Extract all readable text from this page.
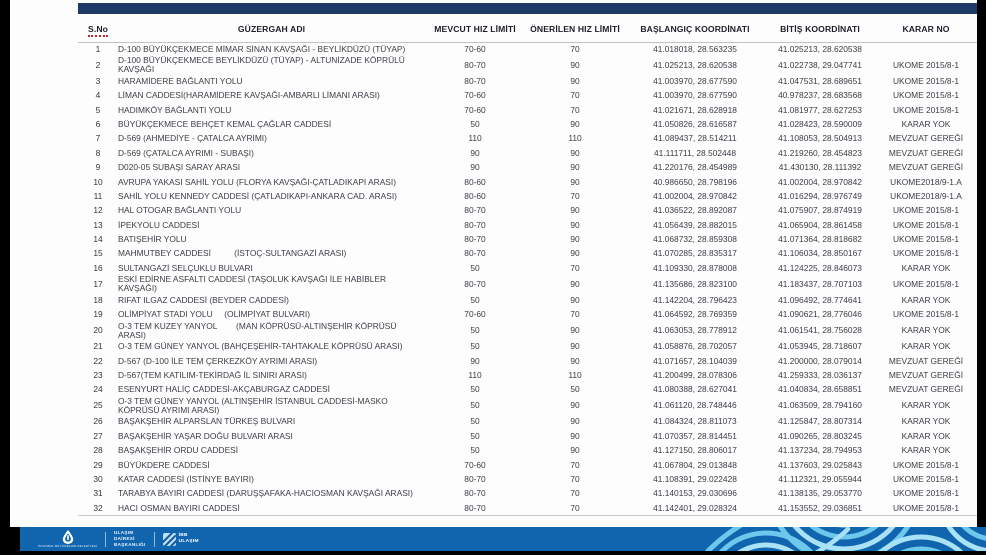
S.No	GÜZERGAH ADI	MEVCUT HIZ LİMİTİ	ÖNERİLEN HIZ LİMİTİ	BAŞLANGIÇ KOORDİNATI	BİTİŞ KOORDİNATI	KARAR NO
1	D-100 BÜYÜKÇEKMECE MİMAR SİNAN KAVŞAĞI - BEYLİKDÜZÜ (TÜYAP)	70-60	70	41.018018, 28.563235	41.025213, 28.620538	
2	D-100 BÜYÜKÇEKMECE BEYLİKDÜZÜ (TÜYAP) - ALTUNİZADE KÖPRÜLÜ KAVŞAĞI	80-70	90	41.025213, 28.620538	41.022738, 29.047741	UKOME 2015/8-1
3	HARAMİDERE BAĞLANTI YOLU	80-70	90	41.003970, 28.677590	41.047531, 28.689651	UKOME 2015/8-1
4	LİMAN CADDESİ(HARAMİDERE KAVŞAĞI-AMBARLI LİMANI ARASI)	70-60	70	41.003970, 28.677590	40.978237, 28.683568	UKOME 2015/8-1
5	HADIMKÖY BAĞLANTI YOLU	70-60	70	41.021671, 28.628918	41.081977, 28.627253	UKOME 2015/8-1
6	BÜYÜKÇEKMECE BEHÇET KEMAL ÇAĞLAR CADDESİ	50	90	41.050826, 28.616587	41.028423, 28.590009	KARAR YOK
7	D-569 (AHMEDİYE - ÇATALCA AYRIMI)	110	110	41.089437, 28.514211	41.108053, 28.504913	MEVZUAT GEREĞİ
8	D-569 (ÇATALCA AYRIMI - SUBAŞI)	90	90	41.111711, 28.502448	41.219260, 28.454823	MEVZUAT GEREĞİ
9	D020-05 SUBAŞI SARAY ARASI	90	90	41.220176, 28.454989	41.430130, 28.111392	MEVZUAT GEREĞİ
10	AVRUPA YAKASI SAHİL YOLU (FLORYA KAVŞAĞI-ÇATLADIKAPI ARASI)	80-60	90	40.986650, 28.798196	41.002004, 28.970842	UKOME2018/9-1.A
11	SAHİL YOLU KENNEDY CADDESİ (ÇATLADIKAPI-ANKARA CAD. ARASI)	80-60	70	41.002004, 28.970842	41.016294, 28.976749	UKOME2018/9-1.A
12	HAL OTOGAR BAĞLANTI YOLU	80-70	90	41.036522, 28.892087	41.075907, 28.874919	UKOME 2015/8-1
13	İPEKYOLU CADDESİ	80-70	90	41.056439, 28.882015	41.065904, 28.861458	UKOME 2015/8-1
14	BATIŞEHİR YOLU	80-70	90	41.068732, 28.859308	41.071364, 28.818682	UKOME 2015/8-1
15	MAHMUTBEY CADDESİ          (İSTOÇ-SULTANGAZİ ARASI)	80-70	90	41.070285, 28.835317	41.106034, 28.850167	UKOME 2015/8-1
16	SULTANGAZİ SELÇUKLU BULVARI	50	70	41.109330, 28.878008	41.124225, 28.846073	KARAR YOK
17	ESKİ EDİRNE ASFALTI CADDESİ (TAŞOLUK KAVŞAĞI İLE HABİBLER KAVŞAĞI)	80-70	90	41.135686, 28.823100	41.183437, 28.707103	UKOME 2015/8-1
18	RIFAT ILGAZ CADDESİ (BEYDER CADDESİ)	50	90	41.142204, 28.796423	41.096492, 28.774641	KARAR YOK
19	OLİMPİYAT STADI YOLU     (OLİMPİYAT BULVARI)	70-60	70	41.064592, 28.769359	41.090621, 28.776046	UKOME 2015/8-1
20	O-3 TEM KUZEY YANYOL        (MAN KÖPRÜSÜ-ALTINŞEHİR KÖPRÜSÜ ARASI)	50	90	41.063053, 28.778912	41.061541, 28.756028	KARAR YOK
21	O-3 TEM GÜNEY YANYOL (BAHÇEŞEHİR-TAHTAKALE KÖPRÜSÜ ARASI)	50	90	41.058876, 28.702057	41.053945, 28.718607	KARAR YOK
22	D-567 (D-100 İLE TEM ÇERKEZKÖY AYRIMI ARASI)	90	90	41.071657, 28.104039	41.200000, 28.079014	MEVZUAT GEREĞİ
23	D-567(TEM KATILIM-TEKİRDAĞ İL SINIRI ARASI)	110	110	41.200499, 28.078306	41.259333, 28.036137	MEVZUAT GEREĞİ
24	ESENYURT HALİÇ CADDESİ-AKÇABURGAZ CADDESİ	50	50	41.080388, 28.627041	41.040834, 28.658851	MEVZUAT GEREĞİ
25	O-3 TEM GÜNEY YANYOL (ALTINŞEHİR İSTANBUL CADDESİ-MASKO KÖPRÜSÜ AYRIMI ARASI)	50	90	41.061120, 28.748446	41.063509, 28.794160	KARAR YOK
26	BAŞAKŞEHİR ALPARSLAN TÜRKEŞ BULVARI	50	90	41.084324, 28.811073	41.125847, 28.807314	KARAR YOK
27	BAŞAKŞEHİR YAŞAR DOĞU BULVARI ARASI	50	90	41.070357, 28.814451	41.090265, 28.803245	KARAR YOK
28	BAŞAKŞEHİR ORDU CADDESİ	50	90	41.127150, 28.806017	41.137234, 28.794953	KARAR YOK
29	BÜYÜKDERE CADDESİ	70-60	70	41.067804, 29.013848	41.137603, 29.025843	UKOME 2015/8-1
30	KATAR CADDESİ (İSTİNYE BAYIRI)	80-70	70	41.108391, 29.022428	41.112321, 29.055944	UKOME 2015/8-1
31	TARABYA BAYIRI CADDESİ (DARUŞŞAFAKA-HACIOSMAN KAVŞAĞI ARASI)	80-70	70	41.140153, 29.030696	41.138135, 29.053770	UKOME 2015/8-1
32	HACI OSMAN BAYIRI CADDESİ	80-70	70	41.142401, 29.028324	41.153552, 29.036851	UKOME 2015/8-1
İSTANBUL BÜYÜKŞEHİR BELEDİYESİ
ULAŞIM
DAİRESİ
BAŞKANLIĞI
İBB
ULAŞIM
